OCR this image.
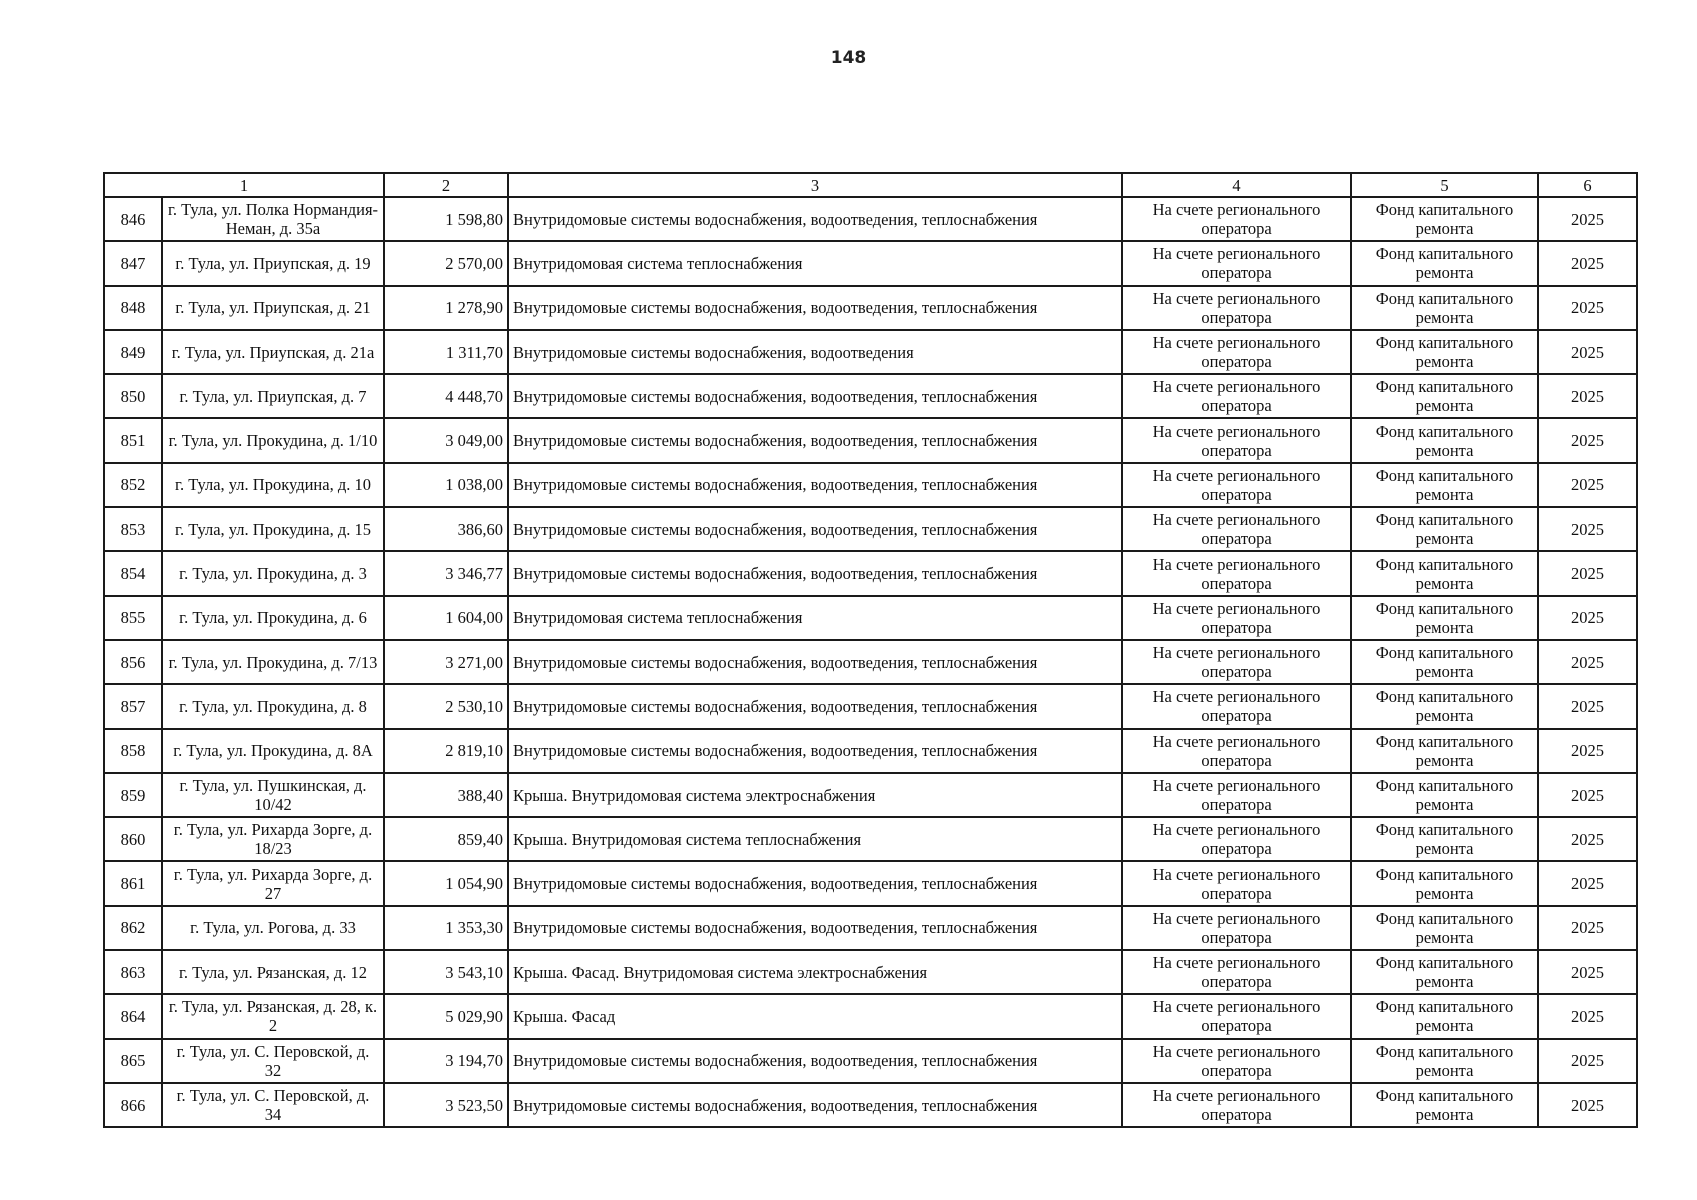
148
1		2	3	4	5	6
846	г. Тула, ул. Полка Нормандия-Неман, д. 35а	1 598,80	Внутридомовые системы водоснабжения, водоотведения, теплоснабжения	На счете регионального оператора	Фонд капитального ремонта	2025
847	г. Тула, ул. Приупская, д. 19	2 570,00	Внутридомовая система теплоснабжения	На счете регионального оператора	Фонд капитального ремонта	2025
848	г. Тула, ул. Приупская, д. 21	1 278,90	Внутридомовые системы водоснабжения, водоотведения, теплоснабжения	На счете регионального оператора	Фонд капитального ремонта	2025
849	г. Тула, ул. Приупская, д. 21а	1 311,70	Внутридомовые системы водоснабжения, водоотведения	На счете регионального оператора	Фонд капитального ремонта	2025
850	г. Тула, ул. Приупская, д. 7	4 448,70	Внутридомовые системы водоснабжения, водоотведения, теплоснабжения	На счете регионального оператора	Фонд капитального ремонта	2025
851	г. Тула, ул. Прокудина, д. 1/10	3 049,00	Внутридомовые системы водоснабжения, водоотведения, теплоснабжения	На счете регионального оператора	Фонд капитального ремонта	2025
852	г. Тула, ул. Прокудина, д. 10	1 038,00	Внутридомовые системы водоснабжения, водоотведения, теплоснабжения	На счете регионального оператора	Фонд капитального ремонта	2025
853	г. Тула, ул. Прокудина, д. 15	386,60	Внутридомовые системы водоснабжения, водоотведения, теплоснабжения	На счете регионального оператора	Фонд капитального ремонта	2025
854	г. Тула, ул. Прокудина, д. 3	3 346,77	Внутридомовые системы водоснабжения, водоотведения, теплоснабжения	На счете регионального оператора	Фонд капитального ремонта	2025
855	г. Тула, ул. Прокудина, д. 6	1 604,00	Внутридомовая система теплоснабжения	На счете регионального оператора	Фонд капитального ремонта	2025
856	г. Тула, ул. Прокудина, д. 7/13	3 271,00	Внутридомовые системы водоснабжения, водоотведения, теплоснабжения	На счете регионального оператора	Фонд капитального ремонта	2025
857	г. Тула, ул. Прокудина, д. 8	2 530,10	Внутридомовые системы водоснабжения, водоотведения, теплоснабжения	На счете регионального оператора	Фонд капитального ремонта	2025
858	г. Тула, ул. Прокудина, д. 8А	2 819,10	Внутридомовые системы водоснабжения, водоотведения, теплоснабжения	На счете регионального оператора	Фонд капитального ремонта	2025
859	г. Тула, ул. Пушкинская, д. 10/42	388,40	Крыша. Внутридомовая система электроснабжения	На счете регионального оператора	Фонд капитального ремонта	2025
860	г. Тула, ул. Рихарда Зорге, д. 18/23	859,40	Крыша. Внутридомовая система теплоснабжения	На счете регионального оператора	Фонд капитального ремонта	2025
861	г. Тула, ул. Рихарда Зорге, д. 27	1 054,90	Внутридомовые системы водоснабжения, водоотведения, теплоснабжения	На счете регионального оператора	Фонд капитального ремонта	2025
862	г. Тула, ул. Рогова, д. 33	1 353,30	Внутридомовые системы водоснабжения, водоотведения, теплоснабжения	На счете регионального оператора	Фонд капитального ремонта	2025
863	г. Тула, ул. Рязанская, д. 12	3 543,10	Крыша. Фасад. Внутридомовая система электроснабжения	На счете регионального оператора	Фонд капитального ремонта	2025
864	г. Тула, ул. Рязанская, д. 28, к. 2	5 029,90	Крыша. Фасад	На счете регионального оператора	Фонд капитального ремонта	2025
865	г. Тула, ул. С. Перовской, д. 32	3 194,70	Внутридомовые системы водоснабжения, водоотведения, теплоснабжения	На счете регионального оператора	Фонд капитального ремонта	2025
866	г. Тула, ул. С. Перовской, д. 34	3 523,50	Внутридомовые системы водоснабжения, водоотведения, теплоснабжения	На счете регионального оператора	Фонд капитального ремонта	2025
